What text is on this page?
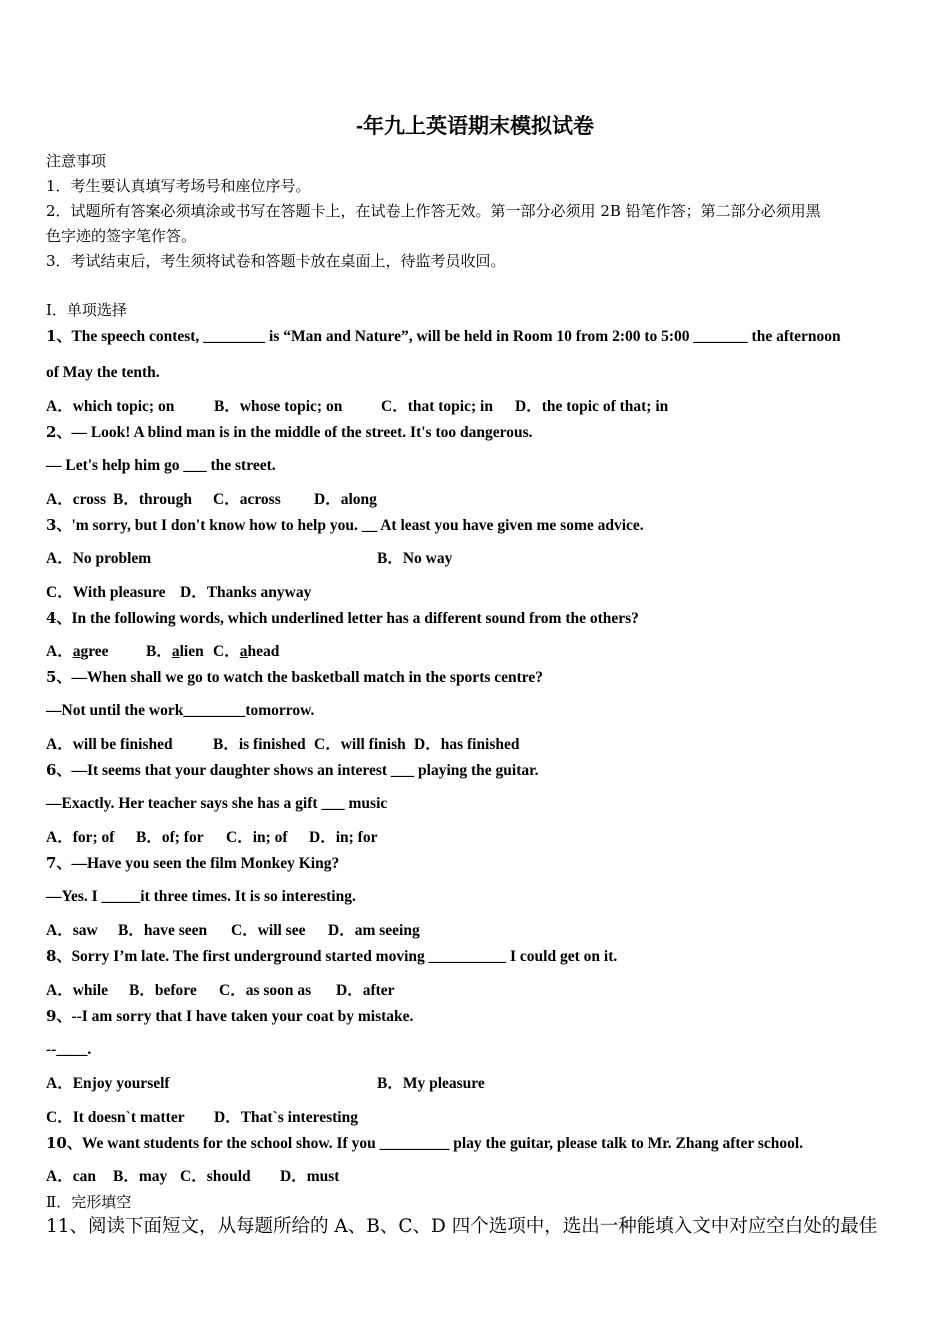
-年九上英语期末模拟试卷
注意事项
1．考生要认真填写考场号和座位序号。
2．试题所有答案必须填涂或书写在答题卡上，在试卷上作答无效。第一部分必须用 2B 铅笔作答；第二部分必须用黑
色字迹的签字笔作答。
3．考试结束后，考生须将试卷和答题卡放在桌面上，待监考员收回。
Ⅰ．单项选择
1、The speech contest, ________ is “Man and Nature”, will be held in Room 10 from 2:00 to 5:00 _______ the afternoon
of May the tenth.
A．which topic; on	B．whose topic; on C．that topic; in D．the topic of that; in
2、— Look! A blind man is in the middle of the street. It's too dangerous.
— Let's help him go ___ the street.
A．cross B．through C．across D．along
3、'm sorry, but I don't know how to help you. __ At least you have given me some advice.
A．No problem	B．No way
C．With pleasure D．Thanks anyway
4、In the following words, which underlined letter has a different sound from the others?
A．agree B．alien C．ahead
5、—When shall we go to watch the basketball match in the sports centre?
—Not until the work________tomorrow.
A．will be finished	B．is finished C．will finish D．has finished
6、—It seems that your daughter shows an interest ___ playing the guitar.
—Exactly. Her teacher says she has a gift ___ music
A．for; of B．of; for C．in; of D．in; for
7、—Have you seen the film Monkey King?
—Yes. I _____it three times. It is so interesting.
A．saw B．have seen C．will see D．am seeing
8、Sorry I’m late. The first underground started moving __________ I could get on it.
A．while B．before C．as soon as D．after
9、--I am sorry that I have taken your coat by mistake.
--____.
A．Enjoy yourself	B．My pleasure
C．It doesn`t matter D．That`s interesting
10、We want students for the school show. If you _________ play the guitar, please talk to Mr. Zhang after school.
A．can B．may C．should D．must
Ⅱ．完形填空
11、阅读下面短文，从每题所给的 A、B、C、D 四个选项中，选出一种能填入文中对应空白处的最佳
